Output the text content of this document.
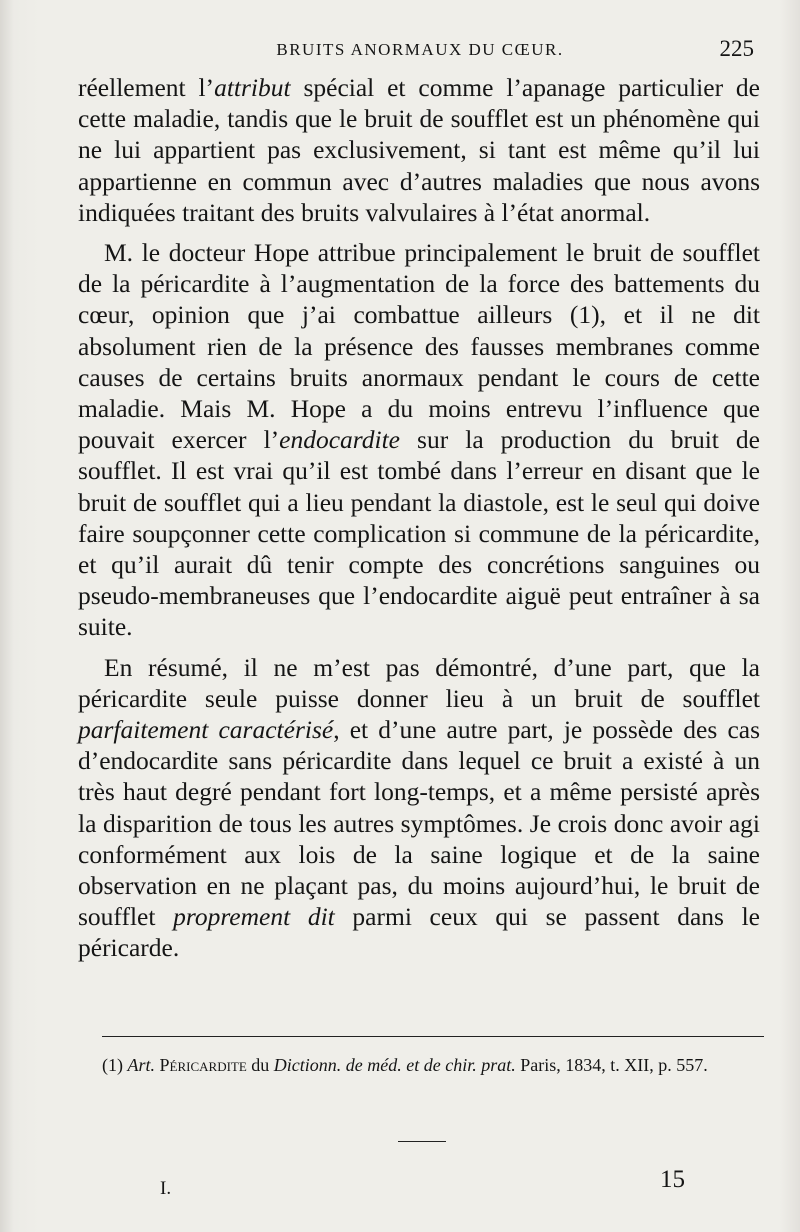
BRUITS ANORMAUX DU CŒUR.	225

réellement l’attribut spécial et comme l’apanage particulier de cette maladie, tandis que le bruit de soufflet est un phénomène qui ne lui appartient pas exclusivement, si tant est même qu’il lui appartienne en commun avec d’autres maladies que nous avons indiquées traitant des bruits valvulaires à l’état anormal.

M. le docteur Hope attribue principalement le bruit de soufflet de la péricardite à l’augmentation de la force des battements du cœur, opinion que j’ai combattue ailleurs (1), et il ne dit absolument rien de la présence des fausses membranes comme causes de certains bruits anormaux pendant le cours de cette maladie. Mais M. Hope a du moins entrevu l’influence que pouvait exercer l’endocardite sur la production du bruit de soufflet. Il est vrai qu’il est tombé dans l’erreur en disant que le bruit de soufflet qui a lieu pendant la diastole, est le seul qui doive faire soupçonner cette complication si commune de la péricardite, et qu’il aurait dû tenir compte des concrétions sanguines ou pseudo-membraneuses que l’endocardite aiguë peut entraîner à sa suite.

En résumé, il ne m’est pas démontré, d’une part, que la péricardite seule puisse donner lieu à un bruit de soufflet parfaitement caractérisé, et d’une autre part, je possède des cas d’endocardite sans péricardite dans lequel ce bruit a existé à un très haut degré pendant fort long-temps, et a même persisté après la disparition de tous les autres symptômes. Je crois donc avoir agi conformément aux lois de la saine logique et de la saine observation en ne plaçant pas, du moins aujourd’hui, le bruit de soufflet proprement dit parmi ceux qui se passent dans le péricarde.

(1) Art. Péricardite du Dictionn. de méd. et de chir. prat. Paris, 1834, t. XII, p. 557.
I.	15
